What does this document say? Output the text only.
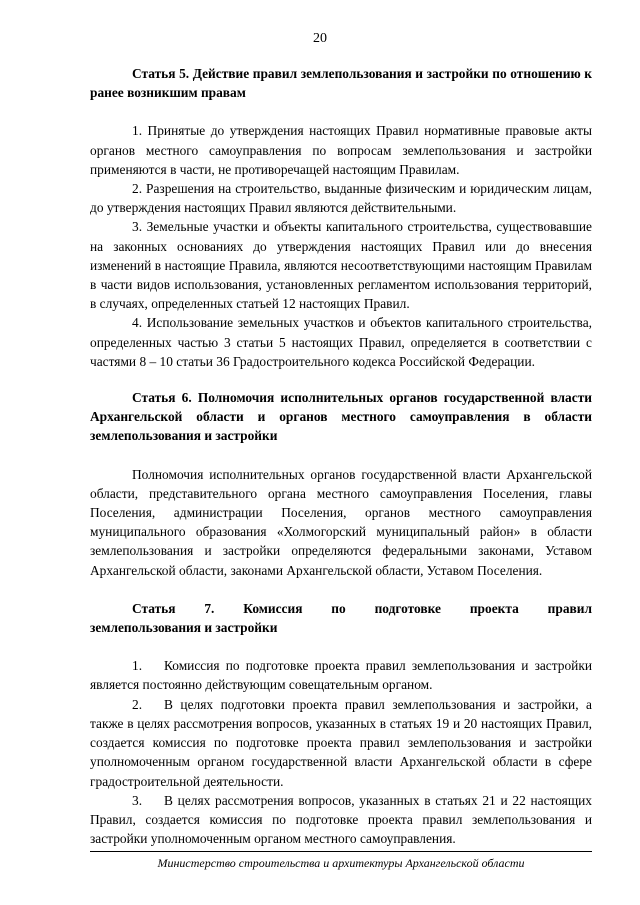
20

Статья 5. Действие правил землепользования и застройки по отношению к ранее возникшим правам

1. Принятые до утверждения настоящих Правил нормативные правовые акты органов местного самоуправления по вопросам землепользования и застройки применяются в части, не противоречащей настоящим Правилам.

2. Разрешения на строительство, выданные физическим и юридическим лицам, до утверждения настоящих Правил являются действительными.

3. Земельные участки и объекты капитального строительства, существовавшие на законных основаниях до утверждения настоящих Правил или до внесения изменений в настоящие Правила, являются несоответствующими настоящим Правилам в части видов использования, установленных регламентом использования территорий, в случаях, определенных статьей 12 настоящих Правил.

4. Использование земельных участков и объектов капитального строительства, определенных частью 3 статьи 5 настоящих Правил, определяется в соответствии с частями 8 – 10 статьи 36 Градостроительного кодекса Российской Федерации.

Статья 6. Полномочия исполнительных органов государственной власти Архангельской области и органов местного самоуправления в области землепользования и застройки

Полномочия исполнительных органов государственной власти Архангельской области, представительного органа местного самоуправления Поселения, главы Поселения, администрации Поселения, органов местного самоуправления муниципального образования «Холмогорский муниципальный район» в области землепользования и застройки определяются федеральными законами, Уставом Архангельской области, законами Архангельской области, Уставом Поселения.

Статья 7. Комиссия по подготовке проекта правил

землепользования и застройки

1. Комиссия по подготовке проекта правил землепользования и застройки является постоянно действующим совещательным органом.

2. В целях подготовки проекта правил землепользования и застройки, а также в целях рассмотрения вопросов, указанных в статьях 19 и 20 настоящих Правил, создается комиссия по подготовке проекта правил землепользования и застройки уполномоченным органом государственной власти Архангельской области в сфере градостроительной деятельности.

3. В целях рассмотрения вопросов, указанных в статьях 21 и 22 настоящих Правил, создается комиссия по подготовке проекта правил землепользования и застройки уполномоченным органом местного самоуправления.

Министерство строительства и архитектуры Архангельской области
